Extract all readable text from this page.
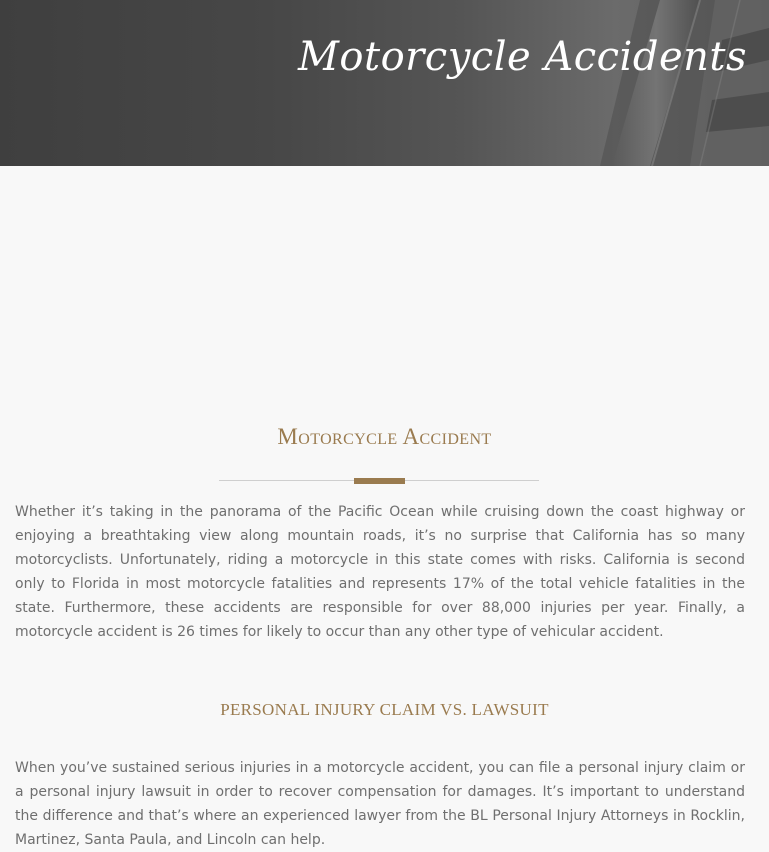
Motorcycle Accidents
Motorcycle Accident

Whether it’s taking in the panorama of the Pacific Ocean while cruising down the coast highway or enjoying a breathtaking view along mountain roads, it’s no surprise that California has so many motorcyclists. Unfortunately, riding a motorcycle in this state comes with risks. California is second only to Florida in most motorcycle fatalities and represents 17% of the total vehicle fatalities in the state. Furthermore, these accidents are responsible for over 88,000 injuries per year. Finally, a motorcycle accident is 26 times for likely to occur than any other type of vehicular accident.

PERSONAL INJURY CLAIM VS. LAWSUIT

When you’ve sustained serious injuries in a motorcycle accident, you can file a personal injury claim or a personal injury lawsuit in order to recover compensation for damages. It’s important to understand the difference and that’s where an experienced lawyer from the BL Personal Injury Attorneys in Rocklin, Martinez, Santa Paula, and Lincoln can help.
